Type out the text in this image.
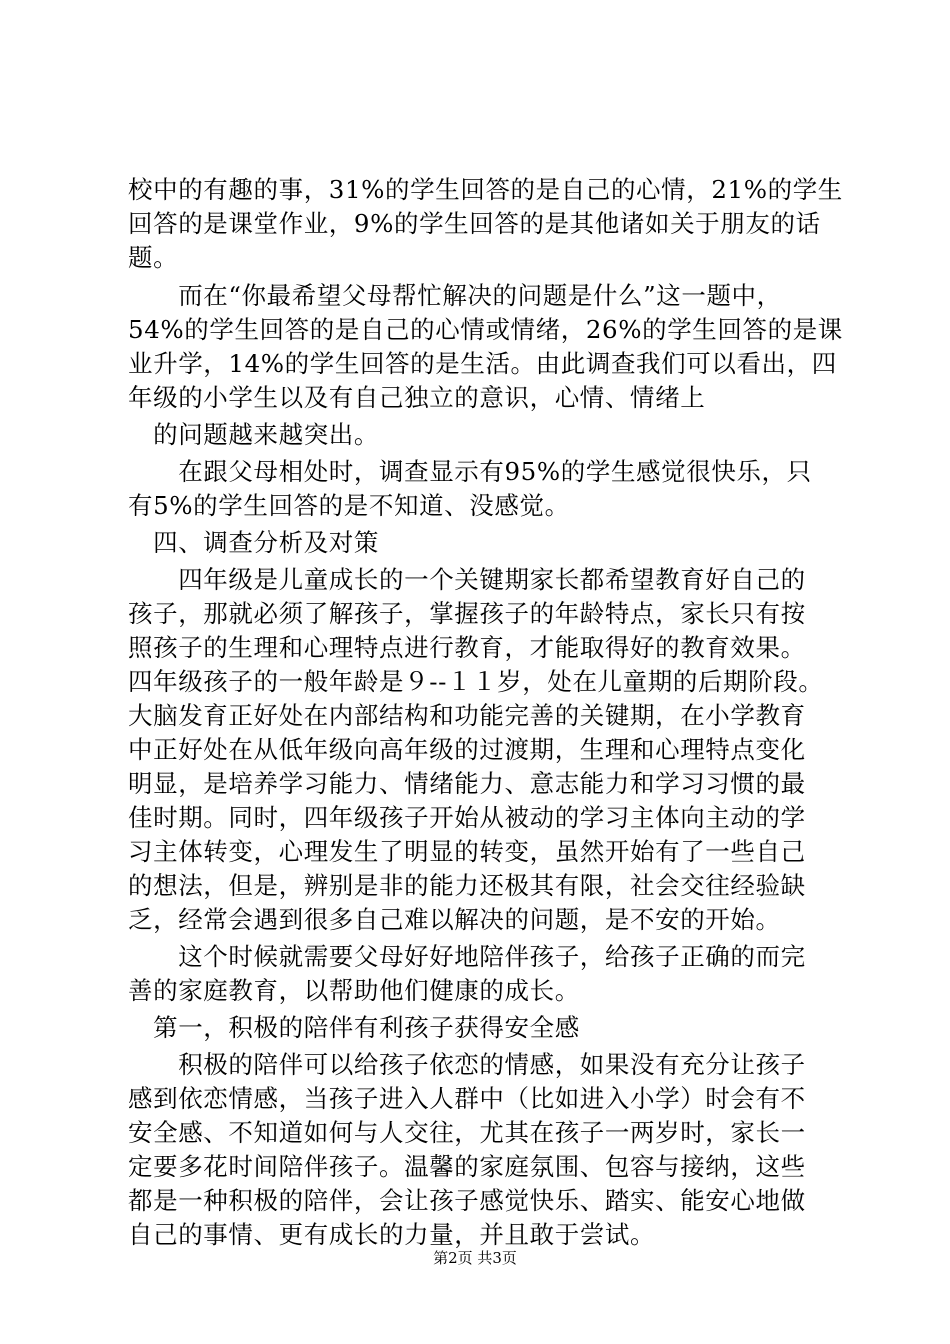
校中的有趣的事，31%的学生回答的是自己的心情，21%的学生
回答的是课堂作业，9%的学生回答的是其他诸如关于朋友的话
题。
　　而在“你最希望父母帮忙解决的问题是什么”这一题中，
54%的学生回答的是自己的心情或情绪，26%的学生回答的是课
业升学，14%的学生回答的是生活。由此调查我们可以看出，四
年级的小学生以及有自己独立的意识，心情、情绪上
　的问题越来越突出。
　　在跟父母相处时，调查显示有95%的学生感觉很快乐，只
有5%的学生回答的是不知道、没感觉。
　四、调查分析及对策
　　四年级是儿童成长的一个关键期家长都希望教育好自己的
孩子，那就必须了解孩子，掌握孩子的年龄特点，家长只有按
照孩子的生理和心理特点进行教育，才能取得好的教育效果。
四年级孩子的一般年龄是９--１１岁，处在儿童期的后期阶段。
大脑发育正好处在内部结构和功能完善的关键期，在小学教育
中正好处在从低年级向高年级的过渡期，生理和心理特点变化
明显，是培养学习能力、情绪能力、意志能力和学习习惯的最
佳时期。同时，四年级孩子开始从被动的学习主体向主动的学
习主体转变，心理发生了明显的转变，虽然开始有了一些自己
的想法，但是，辨别是非的能力还极其有限，社会交往经验缺
乏，经常会遇到很多自己难以解决的问题，是不安的开始。
　　这个时候就需要父母好好地陪伴孩子，给孩子正确的而完
善的家庭教育，以帮助他们健康的成长。
　第一，积极的陪伴有利孩子获得安全感
　　积极的陪伴可以给孩子依恋的情感，如果没有充分让孩子
感到依恋情感，当孩子进入人群中（比如进入小学）时会有不
安全感、不知道如何与人交往，尤其在孩子一两岁时，家长一
定要多花时间陪伴孩子。温馨的家庭氛围、包容与接纳，这些
都是一种积极的陪伴，会让孩子感觉快乐、踏实、能安心地做
自己的事情、更有成长的力量，并且敢于尝试。
第2页 共3页
